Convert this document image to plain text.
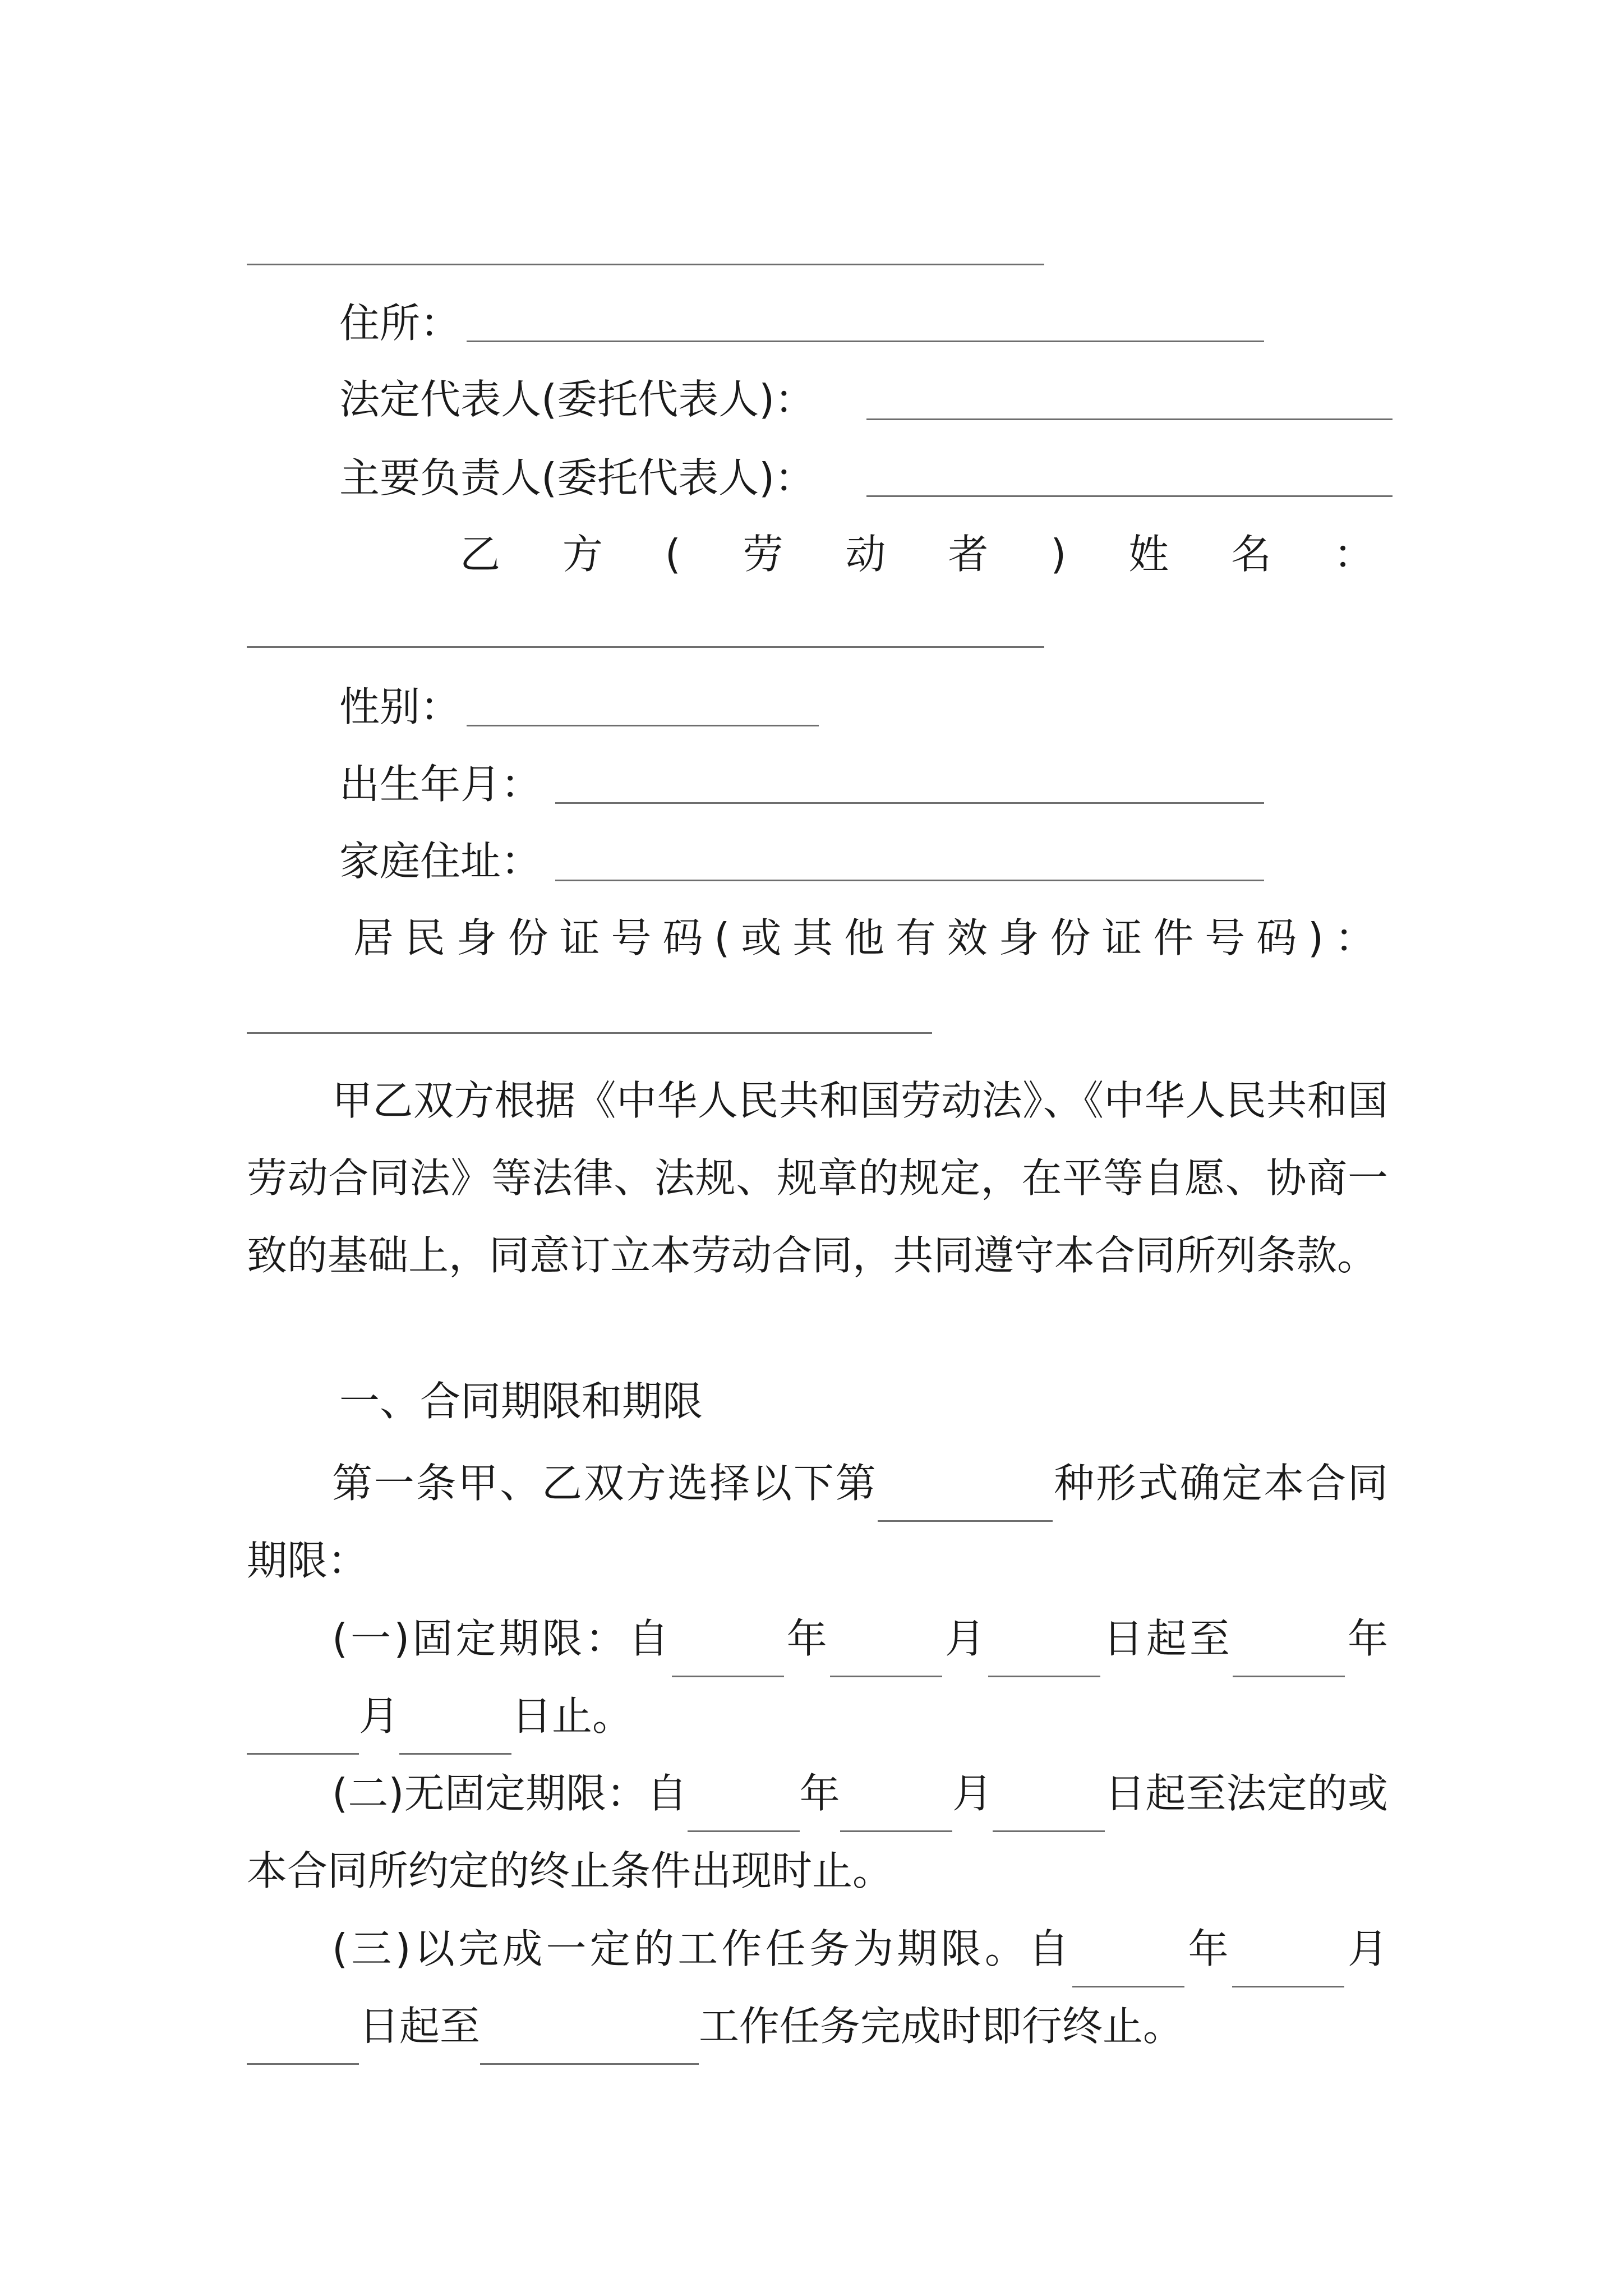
住所：
法定代表人(委托代表人)：
主要负责人(委托代表人)：
乙 方 ( 劳 动 者 ) 姓 名 ：
性别：
出生年月：
家庭住址：
居 民 身 份 证 号 码 ( 或 其 他 有 效 身 份 证 件 号 码 ) ：
甲乙双方根据《中华人民共和国劳动法》、《中华人民共和国劳动合同法》等法律、法规、规章的规定，在平等自愿、协商一致的基础上，同意订立本劳动合同，共同遵守本合同所列条款。
一、合同期限和期限
第一条甲、乙双方选择以下第	种形式确定本合同期限：
(一)固定期限：自	年	月	日起至	年月	日止。
(二)无固定期限：自	年	月	日起至法定的或本合同所约定的终止条件出现时止。
(三)以完成一定的工作任务为期限。自	年	月日起至	工作任务完成时即行终止。
